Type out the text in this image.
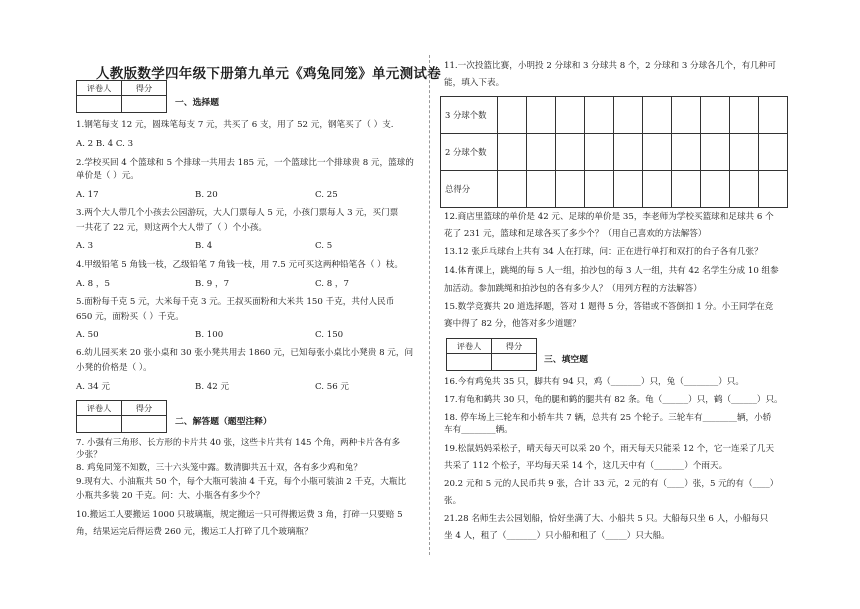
人教版数学四年级下册第九单元《鸡兔同笼》单元测试卷
评卷人	得分

一、选择题
1.钢笔每支 12 元，圆珠笔每支 7 元，共买了 6 支，用了 52 元，钢笔买了（ ）支.
A. 2 B. 4 C. 3
2.学校买回 4 个篮球和 5 个排球一共用去 185 元，一个篮球比一个排球贵 8 元，篮球的
单价是（ ）元。
A. 17	B. 20	C. 25
3.两个大人带几个小孩去公园游玩，大人门票每人 5 元，小孩门票每人 3 元，买门票
一共花了 22 元，则这两个大人带了（ ）个小孩。
A. 3	B. 4	C. 5
4.甲级铅笔 5 角钱一枝，乙级铅笔 7 角钱一枝，用 7.5 元可买这两种铅笔各（ ）枝。
A. 8 ，5	B. 9 ，7	C. 8 ，7
5.面粉每千克 5 元，大米每千克 3 元。王叔买面粉和大米共 150 千克，共付人民币
650 元，面粉买（ ）千克。
A. 50	B. 100	C. 150
6.幼儿园买来 20 张小桌和 30 张小凳共用去 1860 元，已知每张小桌比小凳贵 8 元，问
小凳的价格是（ ）。
A. 34 元	B. 42 元	C. 56 元
评卷人	得分

二、解答题（题型注释）
7. 小强有三角形、长方形的卡片共 40 张，这些卡片共有 145 个角，两种卡片各有多
少张？
8. 鸡兔同笼不知数，三十六头笼中露。数清脚共五十双，各有多少鸡和兔？
9.现有大、小油瓶共 50 个，每个大瓶可装油 4 千克，每个小瓶可装油 2 千克，大瓶比
小瓶共多装 20 千克。问：大、小瓶各有多少个？
10.搬运工人要搬运 1000 只玻璃瓶，规定搬运一只可得搬运费 3 角，打碎一只要赔 5
角，结果运完后得运费 260 元，搬运工人打碎了几个玻璃瓶？
11.一次投篮比赛，小明投 2 分球和 3 分球共 8 个，2 分球和 3 分球各几个，有几种可
能，填入下表。
3 分球个数										
2 分球个数										
总得分										
12.商店里篮球的单价是 42 元、足球的单价是 35，李老师为学校买篮球和足球共 6 个
花了 231 元，篮球和足球各买了多少个？（用自己喜欢的方法解答）
13.12 张乒乓球台上共有 34 人在打球，问：正在进行单打和双打的台子各有几张？
14.体育课上，跳绳的每 5 人一组，拍沙包的每 3 人一组，共有 42 名学生分成 10 组参
加活动。参加跳绳和拍沙包的各有多少人？（用列方程的方法解答）
15.数学竞赛共 20 道选择题，答对 1 题得 5 分，答错或不答倒扣 1 分。小王同学在竞
赛中得了 82 分，他答对多少道题？
评卷人	得分

三、填空题
16.今有鸡兔共 35 只，脚共有 94 只，鸡（_______）只，兔（________）只。
17.有龟和鹤共 30 只，龟的腿和鹤的腿共有 82 条。龟（______）只，鹤（______）只。
18. 停车场上三轮车和小轿车共 7 辆，总共有 25 个轮子。三轮车有________辆，小轿
车有________辆。
19.松鼠妈妈采松子，晴天每天可以采 20 个，雨天每天只能采 12 个，它一连采了几天
共采了 112 个松子，平均每天采 14 个，这几天中有（_______）个雨天。
20.2 元和 5 元的人民币共 9 张，合计 33 元，2 元的有（____）张，5 元的有（____）
张。
21.28 名师生去公园划船，恰好坐满了大、小船共 5 只。大船每只坐 6 人，小船每只
坐 4 人，租了（_______）只小船和租了（_____）只大船。
